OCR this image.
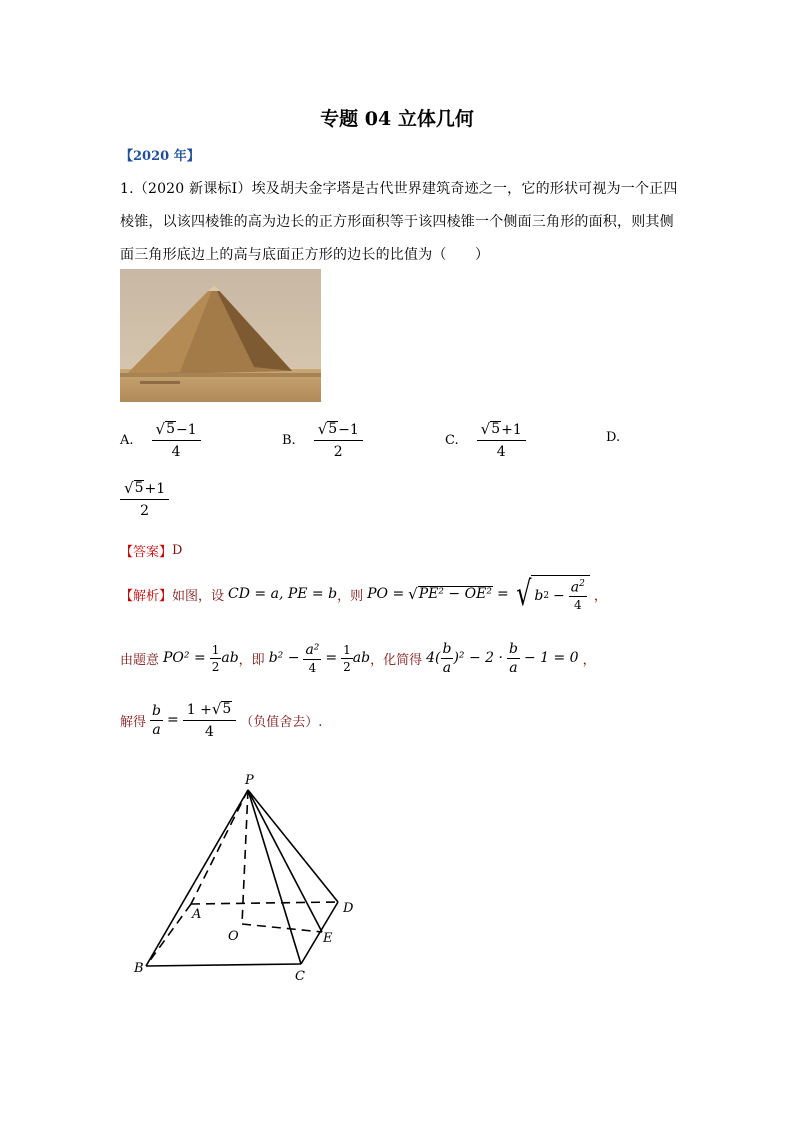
专题 04 立体几何
【2020 年】
1.（2020 新课标Ⅰ）埃及胡夫金字塔是古代世界建筑奇迹之一，它的形状可视为一个正四棱锥，以该四棱锥的高为边长的正方形面积等于该四棱锥一个侧面三角形的面积，则其侧面三角形底边上的高与底面正方形的边长的比值为（　　）
A. $\frac{√ 5 -1}{4}$	B. $\frac{√ 5 -1}{2}$	C. $\frac{√ 5 +1}{4}$	D.
$\frac{√ 5 +1}{2}$
【答案】 D
【解析】 如图，设 CD = a, PE = b ，则 PO = √ PE² − OE² = √ b $2 - \frac{a^2}{4}$ ，
由题意 $PO^2 = \frac{1}{2}$ ab ，即 $b^2 - \frac{\text{a²}}{4} = \frac{1}{2}$ ab ，化简得 $4( \frac{b}{a} )^2 - 2 \cdot \frac{b}{a} - 1 = 0$ ，
解得 $\frac{b}{a} = \frac{1 + √ 5}{4}$ （负值舍去）.
P
A
B
C
D
O	E
